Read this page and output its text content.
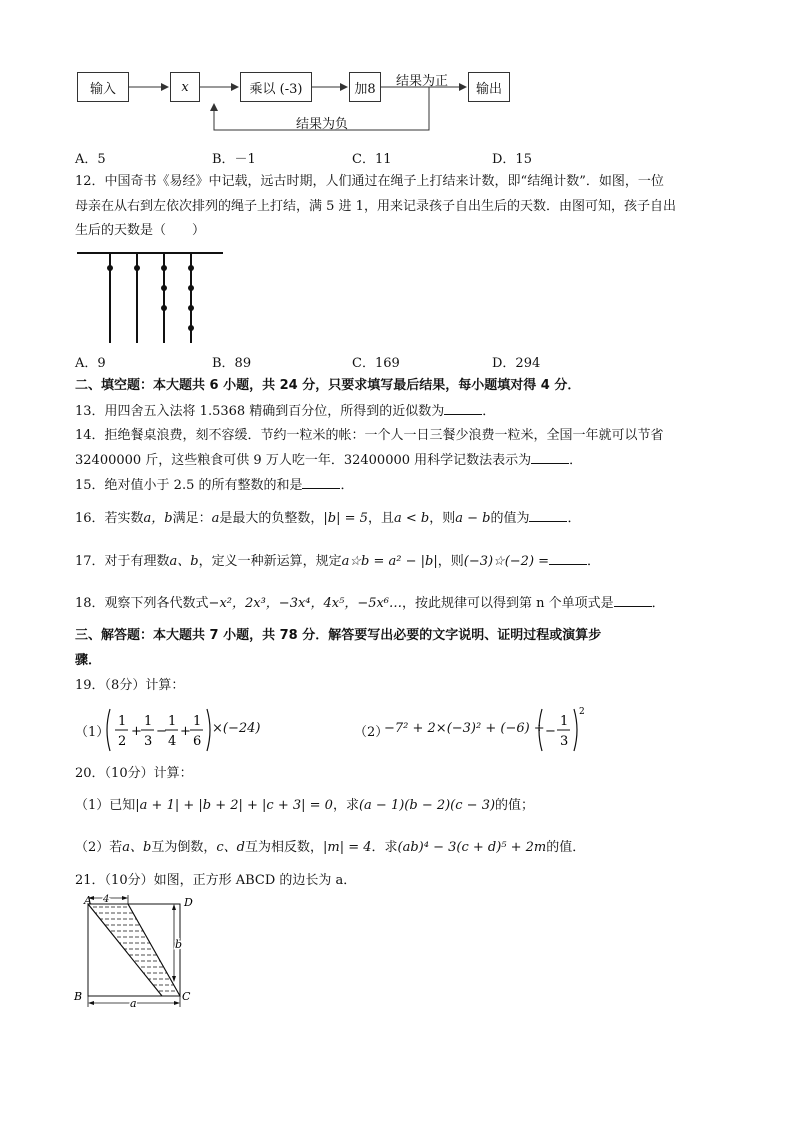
输入	x	乘以 (-3)	加8	输出
结果为正
结果为负
A．5	B．－1	C．11	D．15
12．中国奇书《易经》中记载，远古时期，人们通过在绳子上打结来计数，即“结绳计数”．如图，一位
母亲在从右到左依次排列的绳子上打结，满 5 进 1，用来记录孩子自出生后的天数．由图可知，孩子自出
生后的天数是（　　）
A．9	B．89	C．169	D．294
二、填空题：本大题共 6 小题，共 24 分，只要求填写最后结果，每小题填对得 4 分．
13．用四舍五入法将 1.5368 精确到百分位，所得到的近似数为	．
14．拒绝餐桌浪费，刻不容缓．节约一粒米的帐：一个人一日三餐少浪费一粒米，全国一年就可以节省
32400000 斤，这些粮食可供 9 万人吃一年．32400000 用科学记数法表示为	．
15．绝对值小于 2.5 的所有整数的和是	．
16．若实数a，b满足：a是最大的负整数，|b| = 5，且a < b，则a − b的值为	．
17．对于有理数a、b，定义一种新运算，规定a☆b = a² − |b|，则(−3)☆(−2) =	．
18．观察下列各代数式−x²，2x³，−3x⁴，4x⁵，−5x⁶…，按此规律可以得到第 n 个单项式是	．
三、解答题：本大题共 7 小题，共 78 分．解答要写出必要的文字说明、证明过程或演算步
骤．
19．（8分）计算：
（1）
1
2
+
1
3
−
1
4
+
1
6
×(−24)	（2）
−7² + 2×(−3)² + (−6) ÷ −
1
3
2
20．（10分）计算：
（1）已知|a + 1| + |b + 2| + |c + 3| = 0，求(a − 1)(b − 2)(c − 3)的值；
（2）若a、b互为倒数，c、d互为相反数，|m| = 4．求(ab)⁴ − 3(c + d)⁵ + 2m的值．
21．（10分）如图，正方形 ABCD 的边长为 a．
A	D
B	C
4
b
a
